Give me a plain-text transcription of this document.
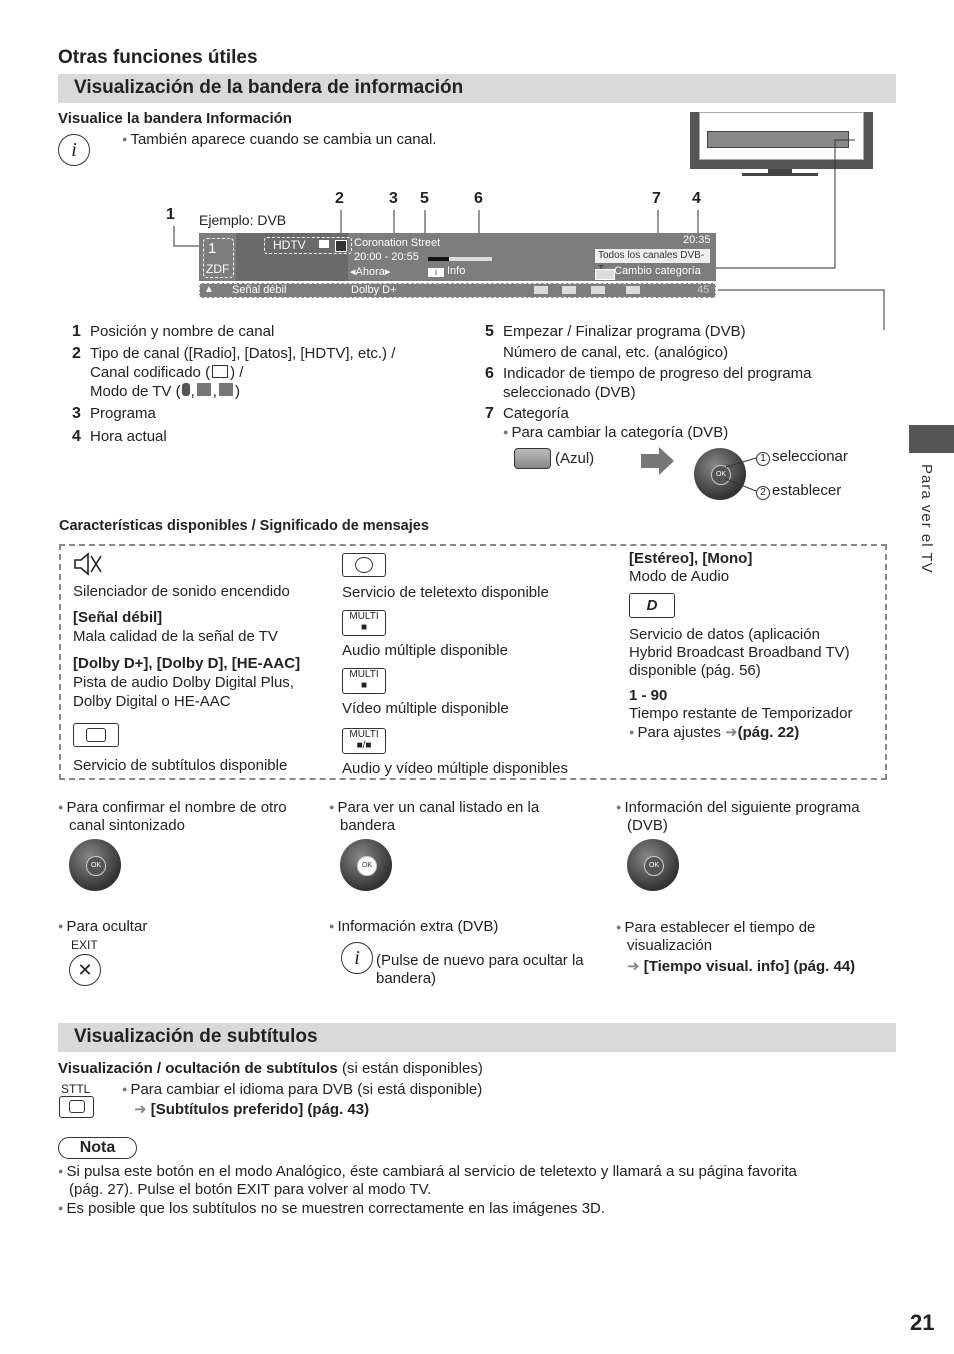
Otras funciones útiles
Visualización de la bandera de información
Visualice la bandera Información
i	● También aparece cuando se cambia un canal.
1
2	3 5	6	7 4
Ejemplo: DVB
1
ZDF
HDTV	Coronation Street
20:00 - 20:55
◂Ahora▸	i Info
20:35
Todos los canales DVB-
Cambio categoría
▲ Señal débil	Dolby D+	45
1 Posición y nombre de canal
2 Tipo de canal ([Radio], [Datos], [HDTV], etc.) /
Canal codificado ( ) /
Modo de TV ( , , )
3 Programa
4 Hora actual
5 Empezar / Finalizar programa (DVB)
Número de canal, etc. (analógico)
6 Indicador de tiempo de progreso del programa
seleccionado (DVB)
7 Categoría
● Para cambiar la categoría (DVB)
(Azul)
OK
1 seleccionar
2 establecer
Características disponibles / Significado de mensajes
Silenciador de sonido encendido
[Señal débil]
Mala calidad de la señal de TV
[Dolby D+], [Dolby D], [HE-AAC]
Pista de audio Dolby Digital Plus,
Dolby Digital o HE-AAC
Servicio de subtítulos disponible
Servicio de teletexto disponible
MULTI
■
Audio múltiple disponible
MULTI
■
Vídeo múltiple disponible
MULTI
■/■
Audio y vídeo múltiple disponibles
[Estéreo], [Mono]
Modo de Audio
D
Servicio de datos (aplicación
Hybrid Broadcast Broadband TV)
disponible (pág. 56)
1 - 90
Tiempo restante de Temporizador
● Para ajustes ➜(pág. 22)
● Para confirmar el nombre de otro
canal sintonizado
● Para ver un canal listado en la
bandera
● Información del siguiente programa
(DVB)
OK	OK	OK
● Para ocultar
EXIT
✕
● Información extra (DVB)
i	(Pulse de nuevo para ocultar la
bandera)
● Para establecer el tiempo de
visualización
➜ [Tiempo visual. info] (pág. 44)
Para ver el TV
Visualización de subtítulos
Visualización / ocultación de subtítulos (si están disponibles)
STTL	● Para cambiar el idioma para DVB (si está disponible)
➜ [Subtítulos preferido] (pág. 43)
Nota
● Si pulsa este botón en el modo Analógico, éste cambiará al servicio de teletexto y llamará a su página favorita
(pág. 27). Pulse el botón EXIT para volver al modo TV.
● Es posible que los subtítulos no se muestren correctamente en las imágenes 3D.
21
